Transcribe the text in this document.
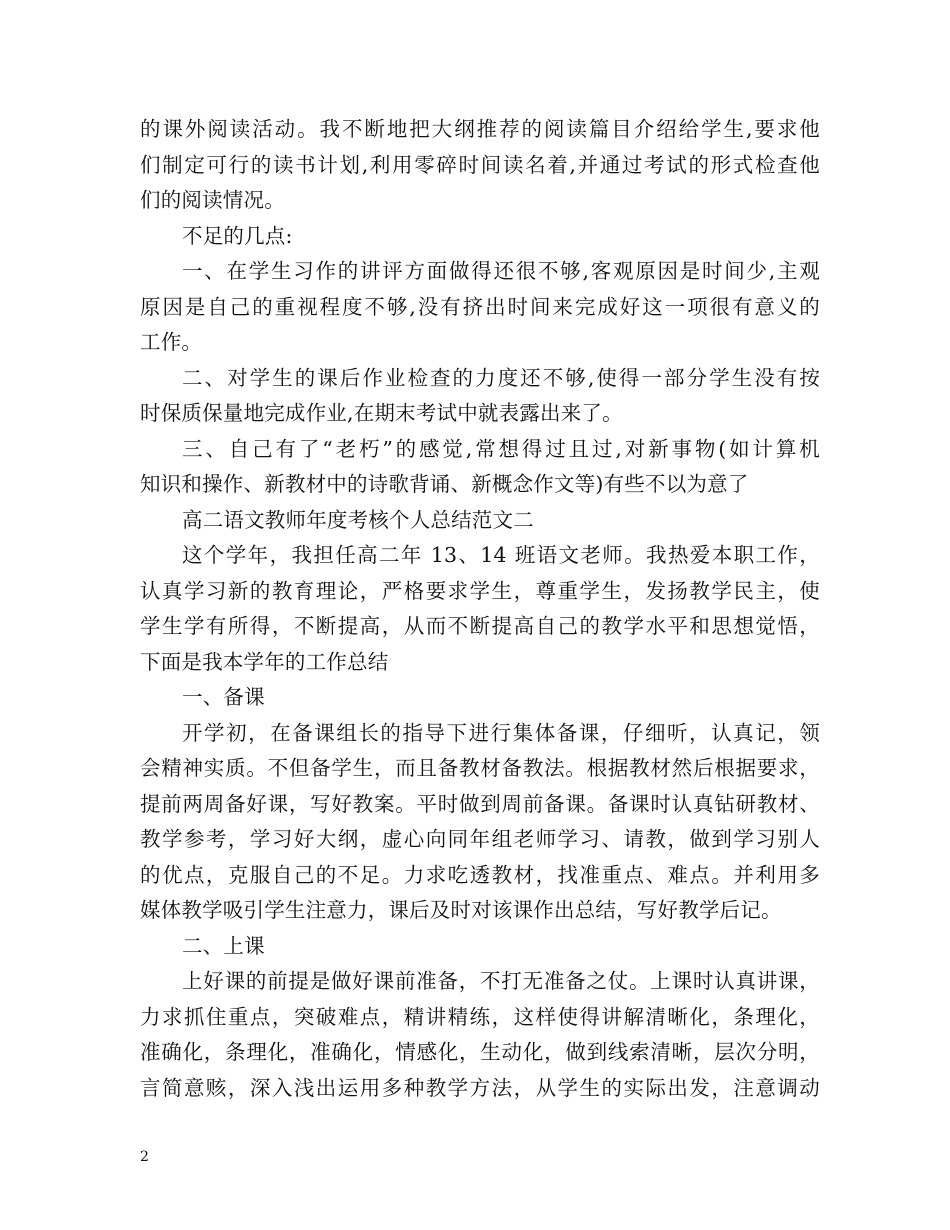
的课外阅读活动。我不断地把大纲推荐的阅读篇目介绍给学生,要求他
们制定可行的读书计划,利用零碎时间读名着,并通过考试的形式检查他
们的阅读情况。
不足的几点:
一、在学生习作的讲评方面做得还很不够,客观原因是时间少,主观
原因是自己的重视程度不够,没有挤出时间来完成好这一项很有意义的
工作。
二、对学生的课后作业检查的力度还不够,使得一部分学生没有按
时保质保量地完成作业,在期末考试中就表露出来了。
三、自己有了“老朽”的感觉,常想得过且过,对新事物(如计算机
知识和操作、新教材中的诗歌背诵、新概念作文等)有些不以为意了
高二语文教师年度考核个人总结范文二
这个学年，我担任高二年 13、14 班语文老师。我热爱本职工作，
认真学习新的教育理论，严格要求学生，尊重学生，发扬教学民主，使
学生学有所得，不断提高，从而不断提高自己的教学水平和思想觉悟，
下面是我本学年的工作总结
一、备课
开学初，在备课组长的指导下进行集体备课，仔细听，认真记，领
会精神实质。不但备学生，而且备教材备教法。根据教材然后根据要求，
提前两周备好课，写好教案。平时做到周前备课。备课时认真钻研教材、
教学参考，学习好大纲，虚心向同年组老师学习、请教，做到学习别人
的优点，克服自己的不足。力求吃透教材，找准重点、难点。并利用多
媒体教学吸引学生注意力，课后及时对该课作出总结，写好教学后记。
二、上课
上好课的前提是做好课前准备，不打无准备之仗。上课时认真讲课，
力求抓住重点，突破难点，精讲精练，这样使得讲解清晰化，条理化，
准确化，条理化，准确化，情感化，生动化，做到线索清晰，层次分明，
言简意赅，深入浅出运用多种教学方法，从学生的实际出发，注意调动
2
